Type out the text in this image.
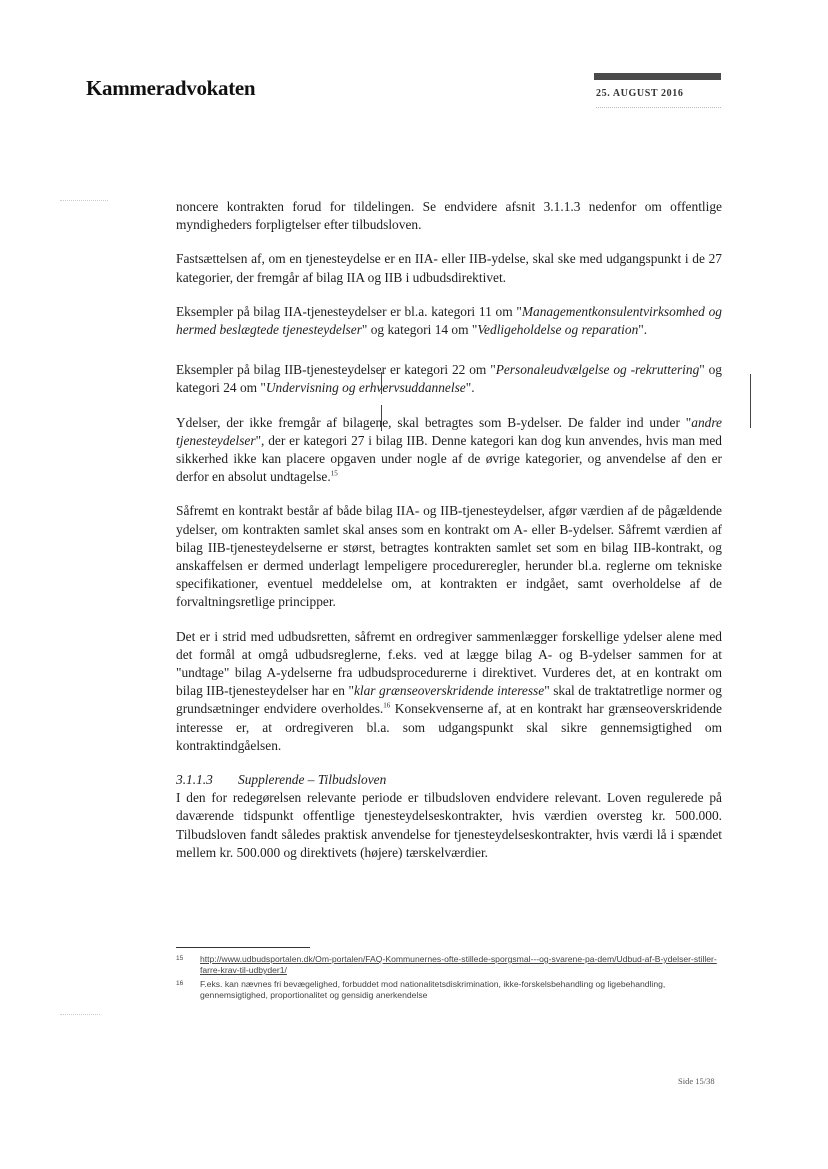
Kammeradvokaten	25. AUGUST 2016

noncere kontrakten forud for tildelingen. Se endvidere afsnit 3.1.1.3 nedenfor om offentlige myndigheders forpligtelser efter tilbudsloven.

Fastsættelsen af, om en tjenesteydelse er en IIA- eller IIB-ydelse, skal ske med udgangspunkt i de 27 kategorier, der fremgår af bilag IIA og IIB i udbudsdirektivet.

Eksempler på bilag IIA-tjenesteydelser er bl.a. kategori 11 om "Managementkonsulentvirksomhed og hermed beslægtede tjenesteydelser" og kategori 14 om "Vedligeholdelse og reparation".

Eksempler på bilag IIB-tjenesteydelser er kategori 22 om "Personaleudvælgelse og -rekruttering" og kategori 24 om "Undervisning og erhvervsuddannelse".

Ydelser, der ikke fremgår af bilagene, skal betragtes som B-ydelser. De falder ind under "andre tjenesteydelser", der er kategori 27 i bilag IIB. Denne kategori kan dog kun anvendes, hvis man med sikkerhed ikke kan placere opgaven under nogle af de øvrige kategorier, og anvendelse af den er derfor en absolut undtagelse.$^{15}$

Såfremt en kontrakt består af både bilag IIA- og IIB-tjenesteydelser, afgør værdien af de pågældende ydelser, om kontrakten samlet skal anses som en kontrakt om A- eller B-ydelser. Såfremt værdien af bilag IIB-tjenesteydelserne er størst, betragtes kontrakten samlet set som en bilag IIB-kontrakt, og anskaffelsen er dermed underlagt lempeligere procedureregler, herunder bl.a. reglerne om tekniske specifikationer, eventuel meddelelse om, at kontrakten er indgået, samt overholdelse af de forvaltningsretlige principper.

Det er i strid med udbudsretten, såfremt en ordregiver sammenlægger forskellige ydelser alene med det formål at omgå udbudsreglerne, f.eks. ved at lægge bilag A- og B-ydelser sammen for at "undtage" bilag A-ydelserne fra udbudsprocedurerne i direktivet. Vurderes det, at en kontrakt om bilag IIB-tjenesteydelser har en "klar grænseoverskridende interesse" skal de traktatretlige normer og grundsætninger endvidere overholdes.$^{16}$ Konsekvenserne af, at en kontrakt har grænseoverskridende interesse er, at ordregiveren bl.a. som udgangspunkt skal sikre gennemsigtighed om kontraktindgåelsen.

3.1.1.3 Supplerende – Tilbudsloven

I den for redegørelsen relevante periode er tilbudsloven endvidere relevant. Loven regulerede på daværende tidspunkt offentlige tjenesteydelseskontrakter, hvis værdien oversteg kr. 500.000. Tilbudsloven fandt således praktisk anvendelse for tjenesteydelseskontrakter, hvis værdi lå i spændet mellem kr. 500.000 og direktivets (højere) tærskelværdier.

15 http://www.udbudsportalen.dk/Om-portalen/FAQ-Kommunernes-ofte-stillede-sporgsmal---og-svarene-pa-dem/Udbud-af-B-ydelser-stiller-farre-krav-til-udbyder1/
16 F.eks. kan nævnes fri bevægelighed, forbuddet mod nationalitetsdiskrimination, ikke-forskelsbehandling og ligebehandling, gennemsigtighed, proportionalitet og gensidig anerkendelse
Side 15/38
